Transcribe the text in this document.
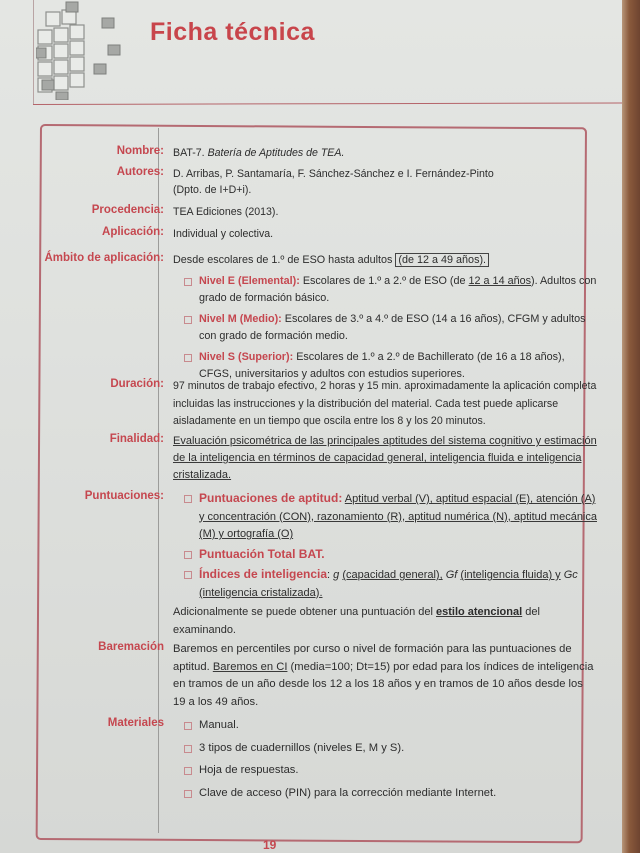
Ficha técnica
Nombre: BAT-7. Batería de Aptitudes de TEA.
Autores: D. Arribas, P. Santamaría, F. Sánchez-Sánchez e I. Fernández-Pinto
(Dpto. de I+D+i).
Procedencia: TEA Ediciones (2013).
Aplicación: Individual y colectiva.
Ámbito de aplicación: Desde escolares de 1.º de ESO hasta adultos (de 12 a 49 años).
Nivel E (Elemental): Escolares de 1.º a 2.º de ESO (de 12 a 14 años). Adultos con grado de formación básico.
Nivel M (Medio): Escolares de 3.º a 4.º de ESO (14 a 16 años), CFGM y adultos con grado de formación medio.
Nivel S (Superior): Escolares de 1.º a 2.º de Bachillerato (de 16 a 18 años), CFGS, universitarios y adultos con estudios superiores.
Duración: 97 minutos de trabajo efectivo, 2 horas y 15 min. aproximadamente la aplicación completa incluidas las instrucciones y la distribución del material. Cada test puede aplicarse aisladamente en un tiempo que oscila entre los 8 y los 20 minutos.
Finalidad: Evaluación psicométrica de las principales aptitudes del sistema cognitivo y estimación de la inteligencia en términos de capacidad general, inteligencia fluida e inteligencia cristalizada.
Puntuaciones:	Puntuaciones de aptitud: Aptitud verbal (V), aptitud espacial (E), atención (A) y concentración (CON), razonamiento (R), aptitud numérica (N), aptitud mecánica (M) y ortografía (O)
Puntuación Total BAT.
Índices de inteligencia: g (capacidad general), Gf (inteligencia fluida) y Gc (inteligencia cristalizada).
Adicionalmente se puede obtener una puntuación del estilo atencional del examinando.
Baremación Baremos en percentiles por curso o nivel de formación para las puntuaciones de aptitud. Baremos en CI (media=100; Dt=15) por edad para los índices de inteligencia en tramos de un año desde los 12 a los 18 años y en tramos de 10 años desde los 19 a los 49 años.
Materiales	Manual.
3 tipos de cuadernillos (niveles E, M y S).
Hoja de respuestas.
Clave de acceso (PIN) para la corrección mediante Internet.
19
